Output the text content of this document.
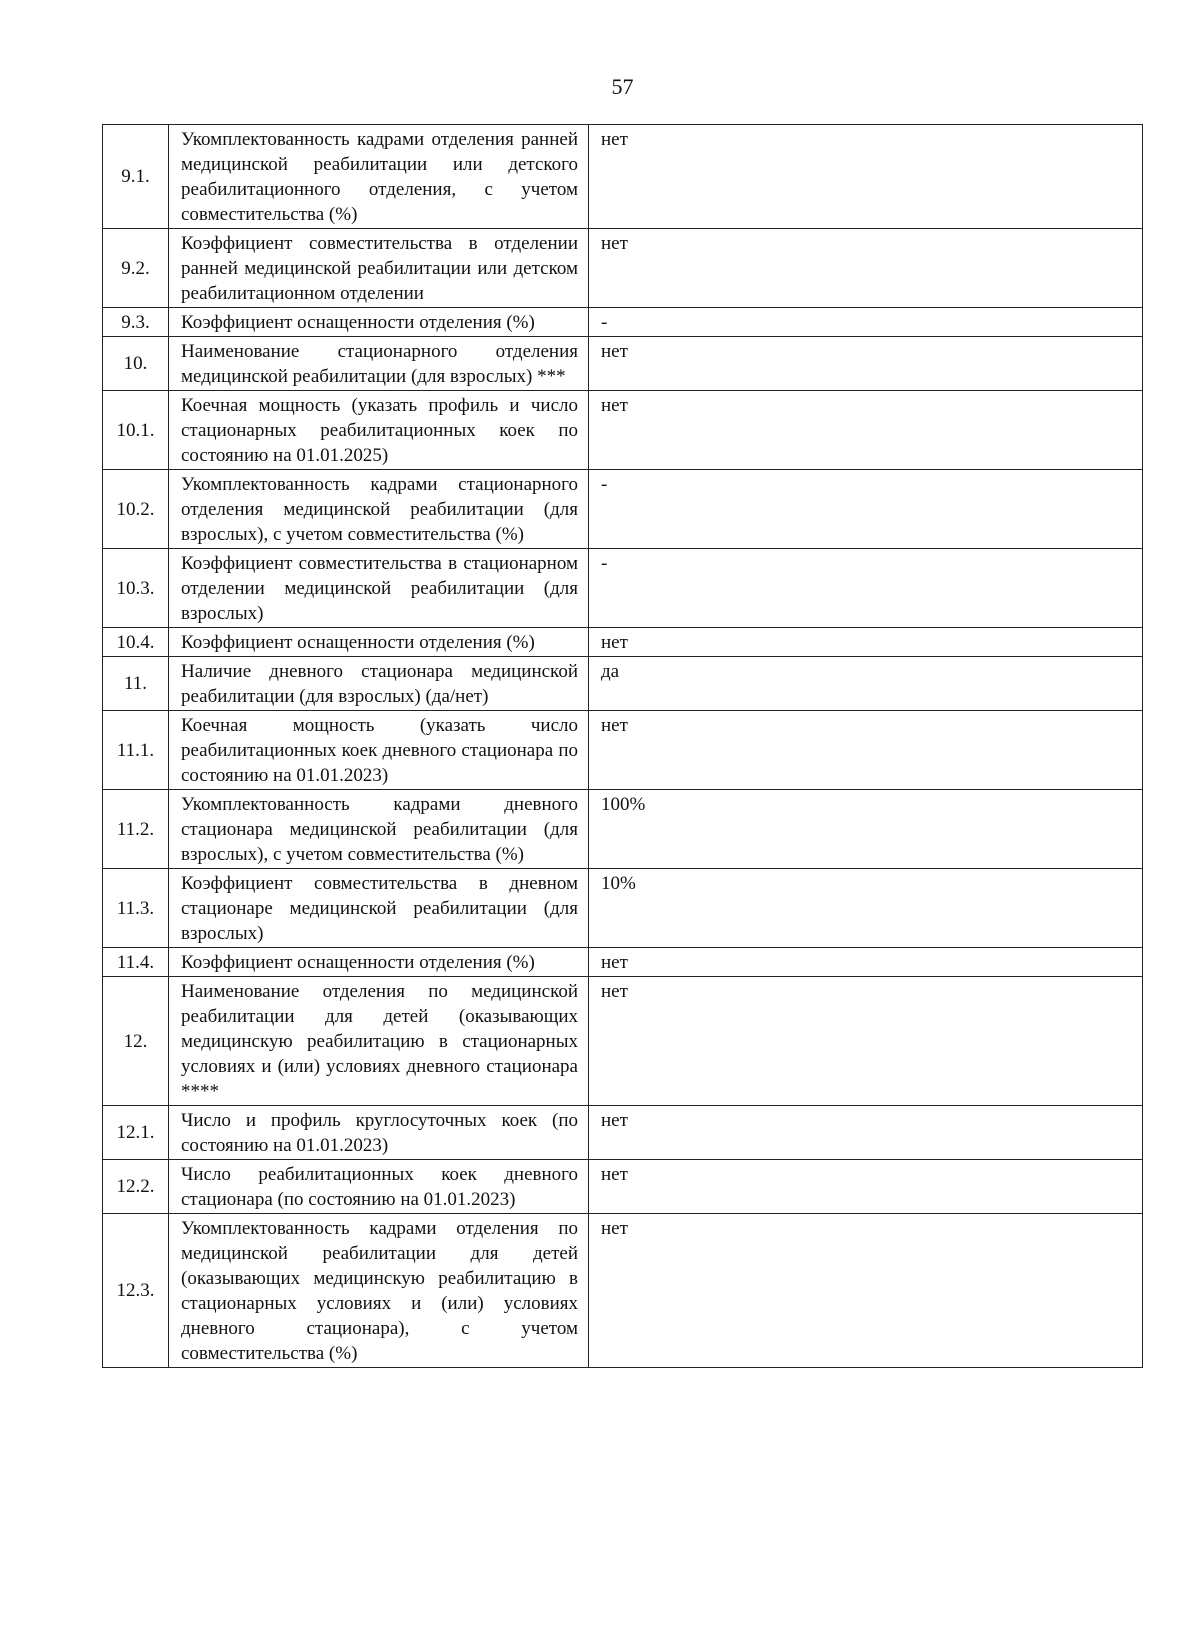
57
9.1.	Укомплектованность кадрами отделения ранней медицинской реабилитации или детского реабилитационного отделения, с учетом совместительства (%)	нет
9.2.	Коэффициент совместительства в отделении ранней медицинской реабилитации или детском реабилитационном отделении	нет
9.3.	Коэффициент оснащенности отделения (%)	-
10.	Наименование стационарного отделения медицинской реабилитации (для взрослых) ***	нет
10.1.	Коечная мощность (указать профиль и число стационарных реабилитационных коек по состоянию на 01.01.2025)	нет
10.2.	Укомплектованность кадрами стационарного отделения медицинской реабилитации (для взрослых), с учетом совместительства (%)	-
10.3.	Коэффициент совместительства в стационарном отделении медицинской реабилитации (для взрослых)	-
10.4.	Коэффициент оснащенности отделения (%)	нет
11.	Наличие дневного стационара медицинской реабилитации (для взрослых) (да/нет)	да
11.1.	Коечная мощность (указать число реабилитационных коек дневного стационара по состоянию на 01.01.2023)	нет
11.2.	Укомплектованность кадрами дневного стационара медицинской реабилитации (для взрослых), с учетом совместительства (%)	100%
11.3.	Коэффициент совместительства в дневном стационаре медицинской реабилитации (для взрослых)	10%
11.4.	Коэффициент оснащенности отделения (%)	нет
12.	Наименование отделения по медицинской реабилитации для детей (оказывающих медицинскую реабилитацию в стационарных условиях и (или) условиях дневного стационара ****	нет
12.1.	Число и профиль круглосуточных коек (по состоянию на 01.01.2023)	нет
12.2.	Число реабилитационных коек дневного стационара (по состоянию на 01.01.2023)	нет
12.3.	Укомплектованность кадрами отделения по медицинской реабилитации для детей (оказывающих медицинскую реабилитацию в стационарных условиях и (или) условиях дневного стационара), с учетом совместительства (%)	нет
